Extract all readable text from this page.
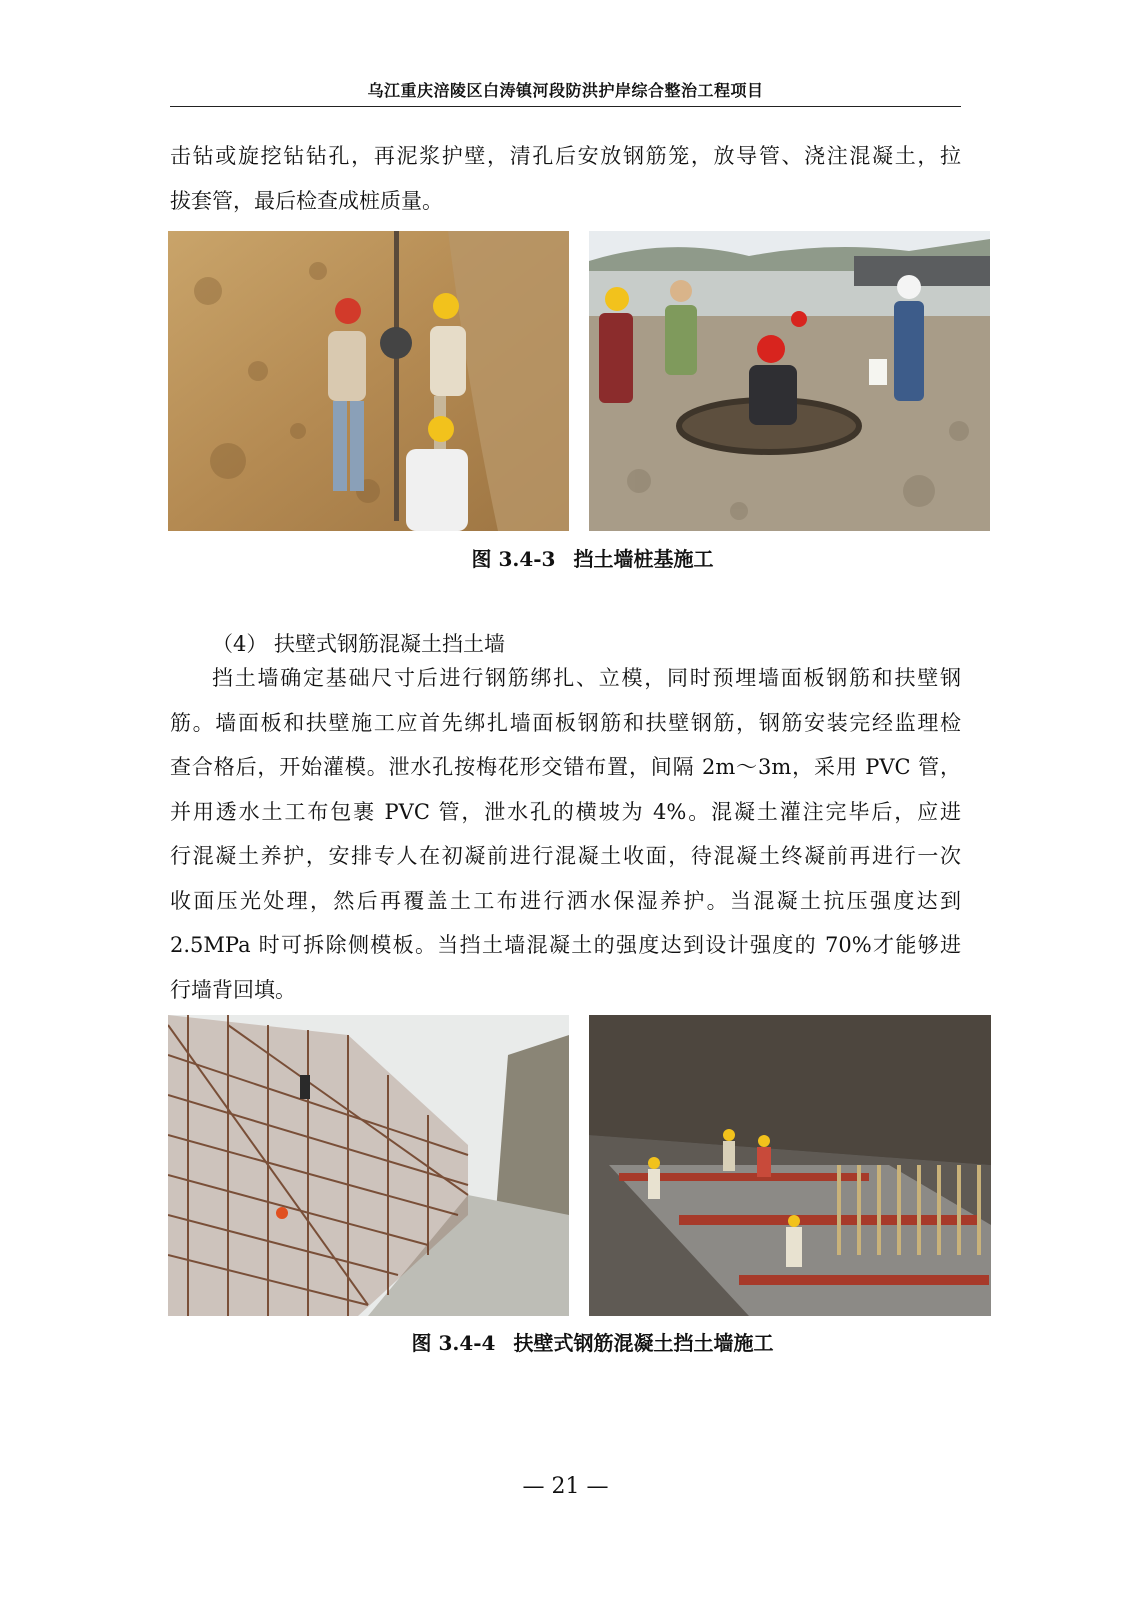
乌江重庆涪陵区白涛镇河段防洪护岸综合整治工程项目
击钻或旋挖钻钻孔，再泥浆护壁，清孔后安放钢筋笼，放导管、浇注混凝土，拉
拔套管，最后检查成桩质量。
图 3.4-3 挡土墙桩基施工
（4） 扶壁式钢筋混凝土挡土墙
挡土墙确定基础尺寸后进行钢筋绑扎、立模，同时预埋墙面板钢筋和扶壁钢
筋。墙面板和扶壁施工应首先绑扎墙面板钢筋和扶壁钢筋，钢筋安装完经监理检
查合格后，开始灌模。泄水孔按梅花形交错布置，间隔 2m～3m，采用 PVC 管，
并用透水土工布包裹 PVC 管，泄水孔的横坡为 4%。混凝土灌注完毕后，应进
行混凝土养护，安排专人在初凝前进行混凝土收面，待混凝土终凝前再进行一次
收面压光处理，然后再覆盖土工布进行洒水保湿养护。当混凝土抗压强度达到
2.5MPa 时可拆除侧模板。当挡土墙混凝土的强度达到设计强度的 70%才能够进
行墙背回填。
图 3.4-4 扶壁式钢筋混凝土挡土墙施工
— 21 —
